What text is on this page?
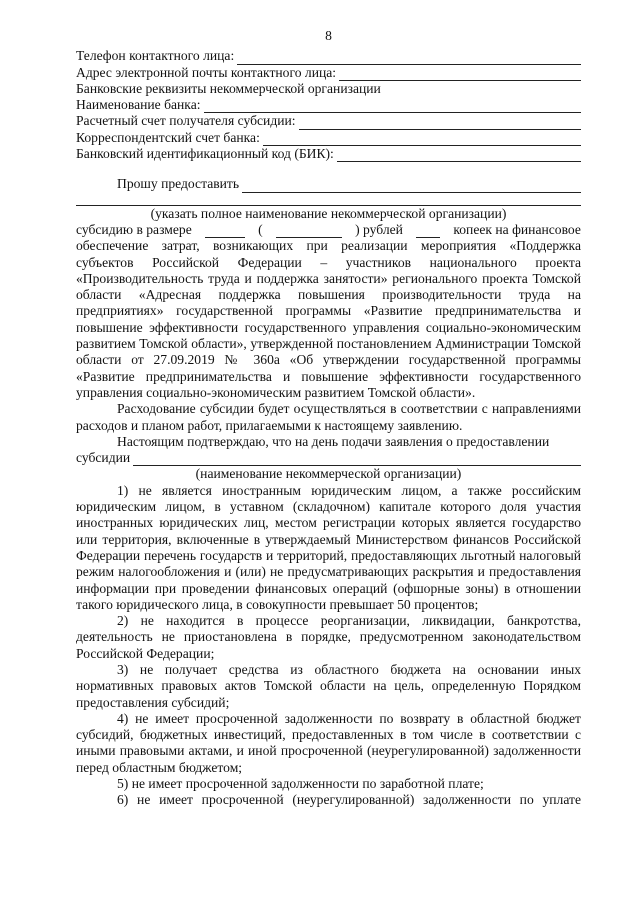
8
Телефон контактного лица:
Адрес электронной почты контактного лица:
Банковские реквизиты некоммерческой организации
Наименование банка:
Расчетный счет получателя субсидии:
Корреспондентский счет банка:
Банковский идентификационный код (БИК):
Прошу предоставить
(указать полное наименование некоммерческой организации)
субсидию в размере	(	) рублей	копеек на финансовое

обеспечение затрат, возникающих при реализации мероприятия «Поддержка субъектов Российской Федерации – участников национального проекта «Производительность труда и поддержка занятости» регионального проекта Томской области «Адресная поддержка повышения производительности труда на предприятиях» государственной программы «Развитие предпринимательства и повышение эффективности государственного управления социально-экономическим развитием Томской области», утвержденной постановлением Администрации Томской области от 27.09.2019 № 360а «Об утверждении государственной программы «Развитие предпринимательства и повышение эффективности государственного управления социально-экономическим развитием Томской области».

Расходование субсидии будет осуществляться в соответствии с направлениями расходов и планом работ, прилагаемыми к настоящему заявлению.

Настоящим подтверждаю, что на день подачи заявления о предоставлении

субсидии
(наименование некоммерческой организации)

1) не является иностранным юридическим лицом, а также российским юридическим лицом, в уставном (складочном) капитале которого доля участия иностранных юридических лиц, местом регистрации которых является государство или территория, включенные в утверждаемый Министерством финансов Российской Федерации перечень государств и территорий, предоставляющих льготный налоговый режим налогообложения и (или) не предусматривающих раскрытия и предоставления информации при проведении финансовых операций (офшорные зоны) в отношении такого юридического лица, в совокупности превышает 50 процентов;

2) не находится в процессе реорганизации, ликвидации, банкротства, деятельность не приостановлена в порядке, предусмотренном законодательством Российской Федерации;

3) не получает средства из областного бюджета на основании иных нормативных правовых актов Томской области на цель, определенную Порядком предоставления субсидий;

4) не имеет просроченной задолженности по возврату в областной бюджет субсидий, бюджетных инвестиций, предоставленных в том числе в соответствии с иными правовыми актами, и иной просроченной (неурегулированной) задолженности перед областным бюджетом;

5) не имеет просроченной задолженности по заработной плате;

6) не имеет просроченной (неурегулированной) задолженности по уплате
